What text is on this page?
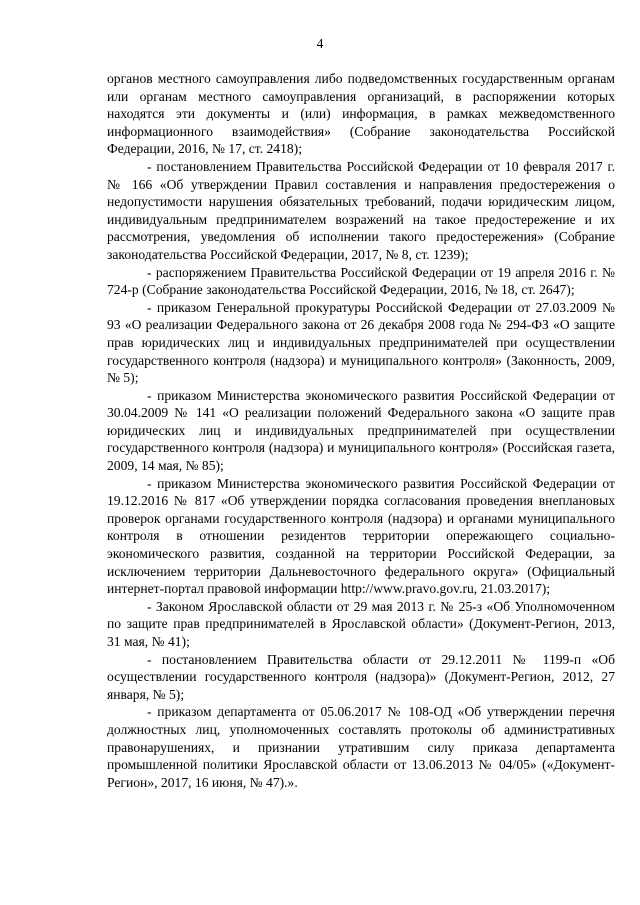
4

органов местного самоуправления либо подведомственных государственным органам или органам местного самоуправления организаций, в распоряжении которых находятся эти документы и (или) информация, в рамках межведомственного информационного взаимодействия» (Собрание законодательства Российской Федерации, 2016, № 17, ст. 2418);

- постановлением Правительства Российской Федерации от 10 февраля 2017 г. № 166 «Об утверждении Правил составления и направления предостережения о недопустимости нарушения обязательных требований, подачи юридическим лицом, индивидуальным предпринимателем возражений на такое предостережение и их рассмотрения, уведомления об исполнении такого предостережения» (Собрание законодательства Российской Федерации, 2017, № 8, ст. 1239);

- распоряжением Правительства Российской Федерации от 19 апреля 2016 г. № 724-р (Собрание законодательства Российской Федерации, 2016, № 18, ст. 2647);

- приказом Генеральной прокуратуры Российской Федерации от 27.03.2009 № 93 «О реализации Федерального закона от 26 декабря 2008 года № 294-ФЗ «О защите прав юридических лиц и индивидуальных предпринимателей при осуществлении государственного контроля (надзора) и муниципального контроля» (Законность, 2009, № 5);

- приказом Министерства экономического развития Российской Федерации от 30.04.2009 № 141 «О реализации положений Федерального закона «О защите прав юридических лиц и индивидуальных предпринимателей при осуществлении государственного контроля (надзора) и муниципального контроля» (Российская газета, 2009, 14 мая, № 85);

- приказом Министерства экономического развития Российской Федерации от 19.12.2016 № 817 «Об утверждении порядка согласования проведения внеплановых проверок органами государственного контроля (надзора) и органами муниципального контроля в отношении резидентов территории опережающего социально-экономического развития, созданной на территории Российской Федерации, за исключением территории Дальневосточного федерального округа» (Официальный интернет-портал правовой информации http://www.pravo.gov.ru, 21.03.2017);

- Законом Ярославской области от 29 мая 2013 г. № 25-з «Об Уполномоченном по защите прав предпринимателей в Ярославской области» (Документ-Регион, 2013, 31 мая, № 41);

- постановлением Правительства области от 29.12.2011 № 1199-п «Об осуществлении государственного контроля (надзора)» (Документ-Регион, 2012, 27 января, № 5);

- приказом департамента от 05.06.2017 № 108-ОД «Об утверждении перечня должностных лиц, уполномоченных составлять протоколы об административных правонарушениях, и признании утратившим силу приказа департамента промышленной политики Ярославской области от 13.06.2013 № 04/05» («Документ-Регион», 2017, 16 июня, № 47).».
